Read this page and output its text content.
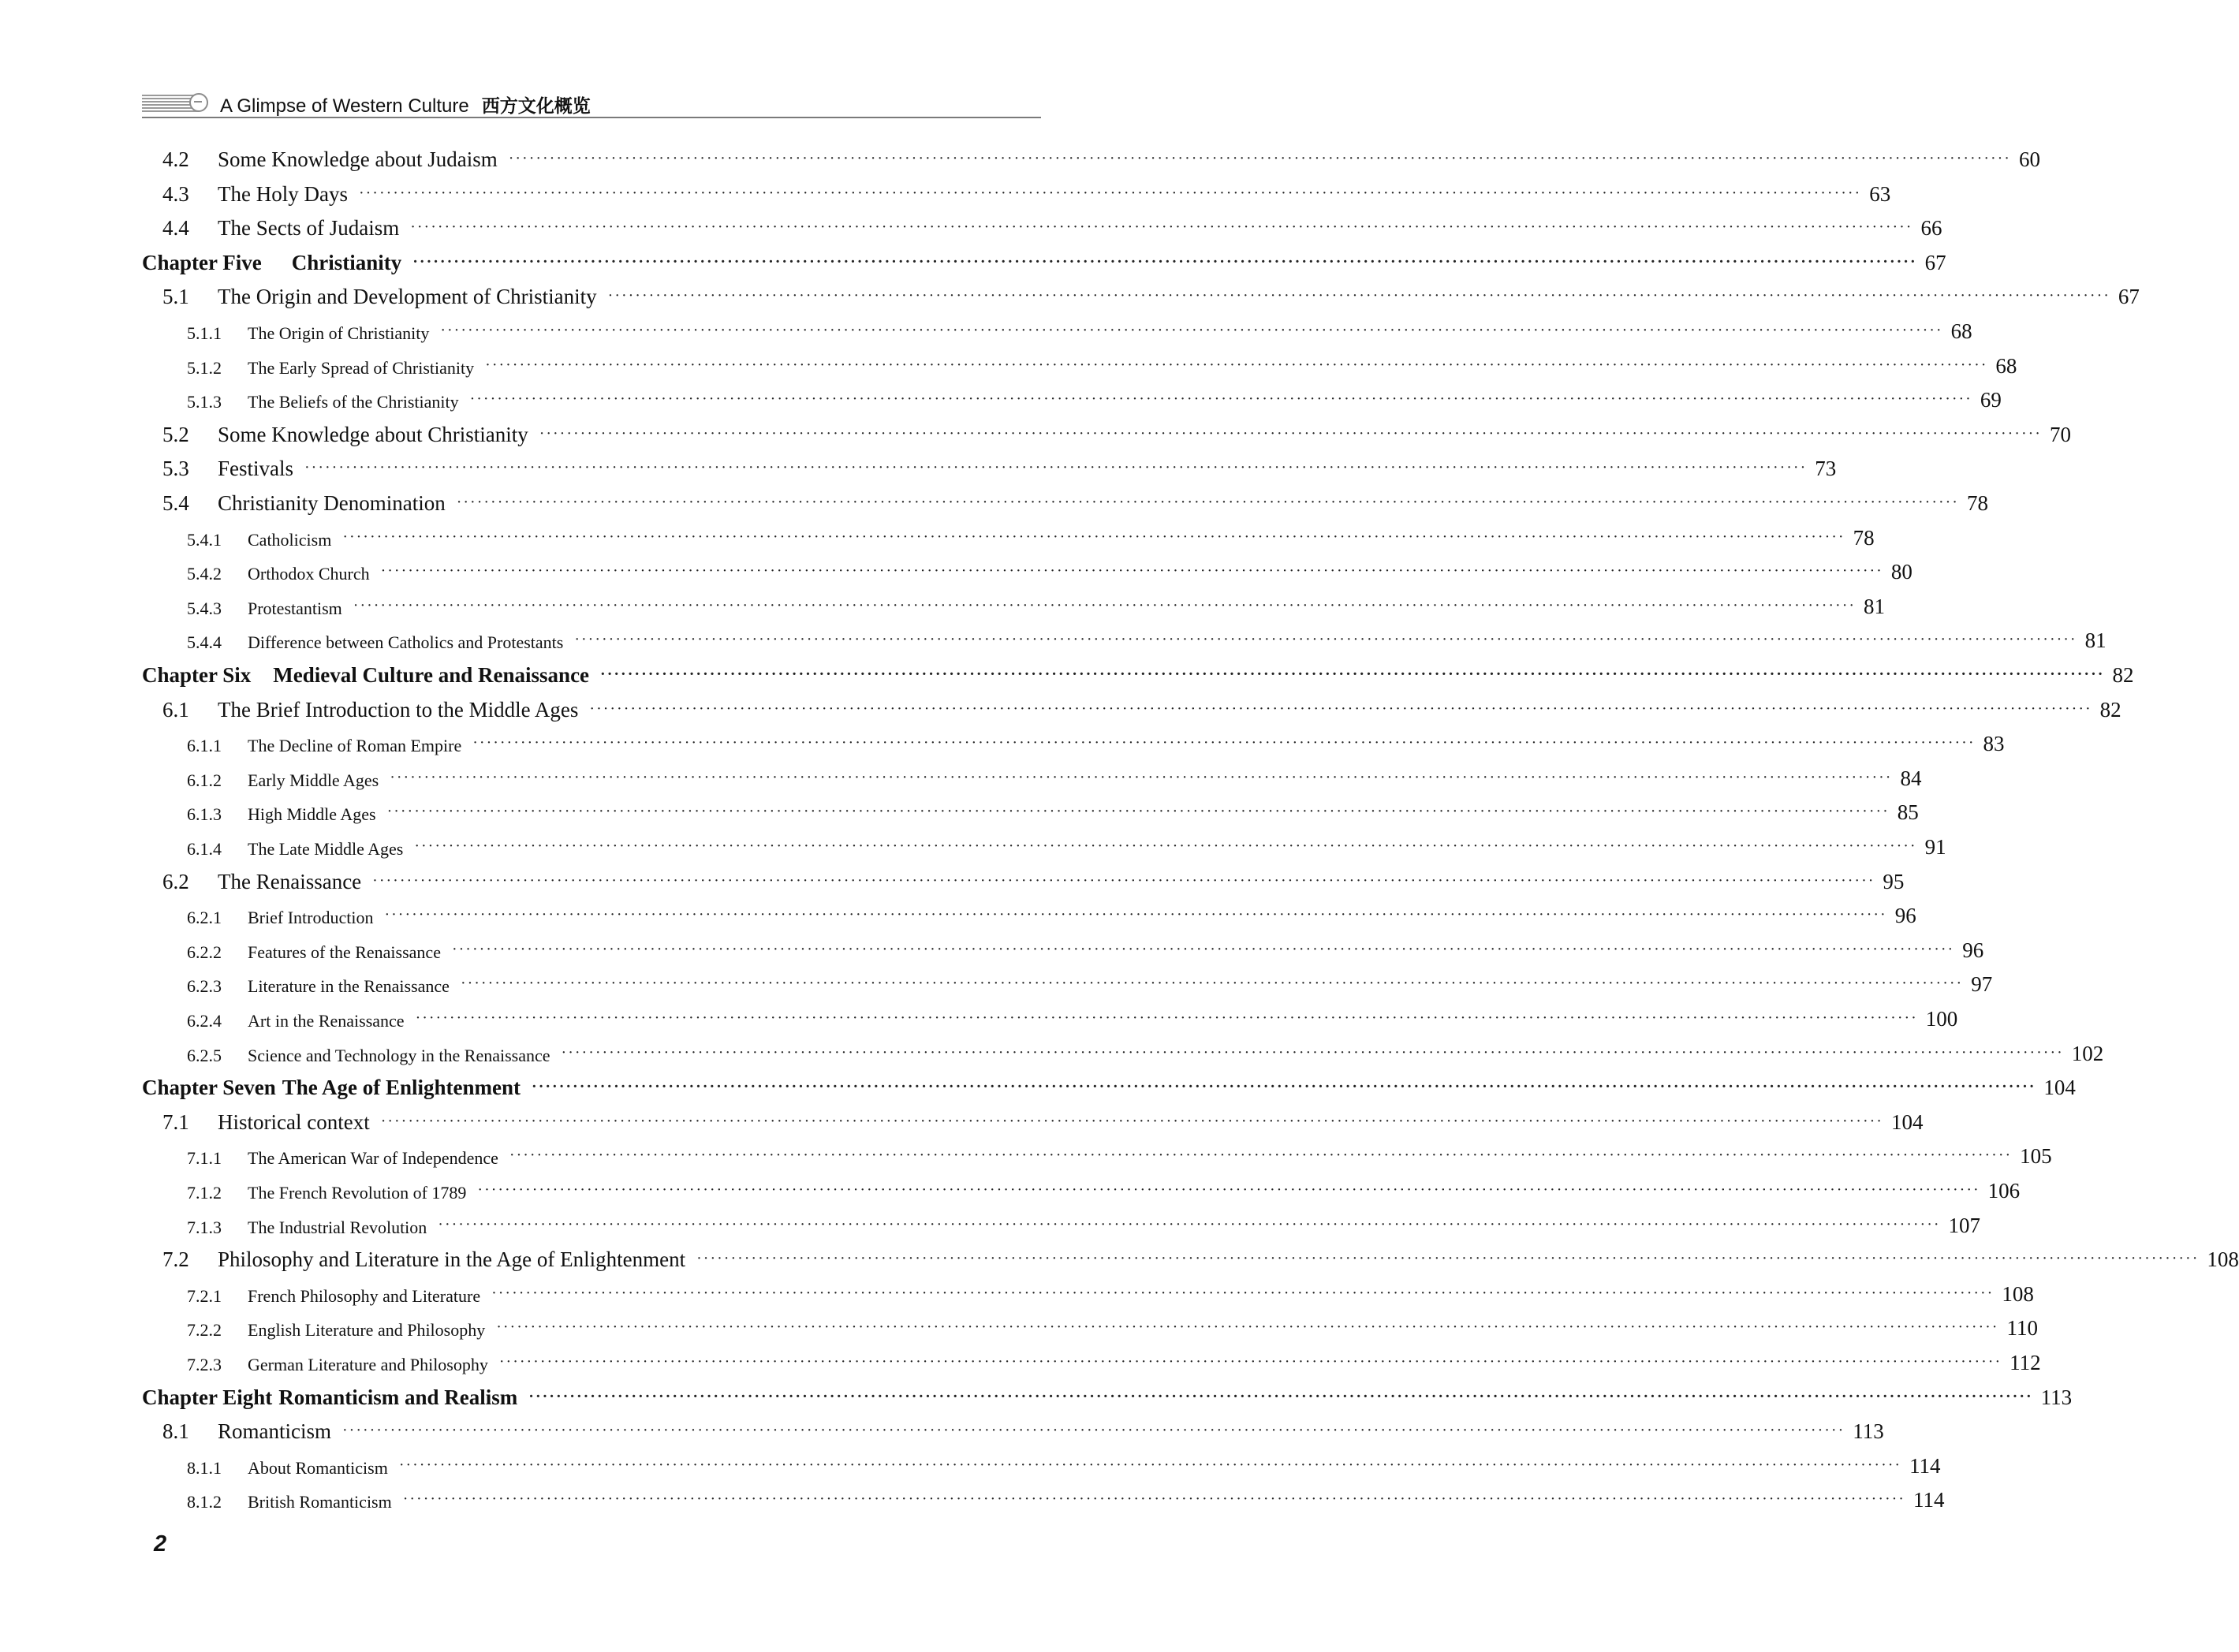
A Glimpse of Western Culture 西方文化概览
4.2	Some Knowledge about Judaism ···························································································································································································································· 60
4.3	The Holy Days ···························································································································································································································· 63
4.4	The Sects of Judaism ···························································································································································································································· 66
Chapter Five Christianity ···························································································································································································································· 67
5.1	The Origin and Development of Christianity ···························································································································································································································· 67
5.1.1	The Origin of Christianity ···························································································································································································································· 68
5.1.2	The Early Spread of Christianity ···························································································································································································································· 68
5.1.3	The Beliefs of the Christianity ···························································································································································································································· 69
5.2	Some Knowledge about Christianity ···························································································································································································································· 70
5.3	Festivals ···························································································································································································································· 73
5.4	Christianity Denomination ···························································································································································································································· 78
5.4.1	Catholicism ···························································································································································································································· 78
5.4.2	Orthodox Church ···························································································································································································································· 80
5.4.3	Protestantism ···························································································································································································································· 81
5.4.4	Difference between Catholics and Protestants ···························································································································································································································· 81
Chapter Six Medieval Culture and Renaissance ···························································································································································································································· 82
6.1	The Brief Introduction to the Middle Ages ···························································································································································································································· 82
6.1.1	The Decline of Roman Empire ···························································································································································································································· 83
6.1.2	Early Middle Ages ···························································································································································································································· 84
6.1.3	High Middle Ages ···························································································································································································································· 85
6.1.4	The Late Middle Ages ···························································································································································································································· 91
6.2	The Renaissance ···························································································································································································································· 95
6.2.1	Brief Introduction ···························································································································································································································· 96
6.2.2	Features of the Renaissance ···························································································································································································································· 96
6.2.3	Literature in the Renaissance ···························································································································································································································· 97
6.2.4	Art in the Renaissance ···························································································································································································································· 100
6.2.5	Science and Technology in the Renaissance ···························································································································································································································· 102
Chapter Seven The Age of Enlightenment ···························································································································································································································· 104
7.1	Historical context ···························································································································································································································· 104
7.1.1	The American War of Independence ···························································································································································································································· 105
7.1.2	The French Revolution of 1789 ···························································································································································································································· 106
7.1.3	The Industrial Revolution ···························································································································································································································· 107
7.2	Philosophy and Literature in the Age of Enlightenment ···························································································································································································································· 108
7.2.1	French Philosophy and Literature ···························································································································································································································· 108
7.2.2	English Literature and Philosophy ···························································································································································································································· 110
7.2.3	German Literature and Philosophy ···························································································································································································································· 112
Chapter Eight Romanticism and Realism ···························································································································································································································· 113
8.1	Romanticism ···························································································································································································································· 113
8.1.1	About Romanticism ···························································································································································································································· 114
8.1.2	British Romanticism ···························································································································································································································· 114
2
